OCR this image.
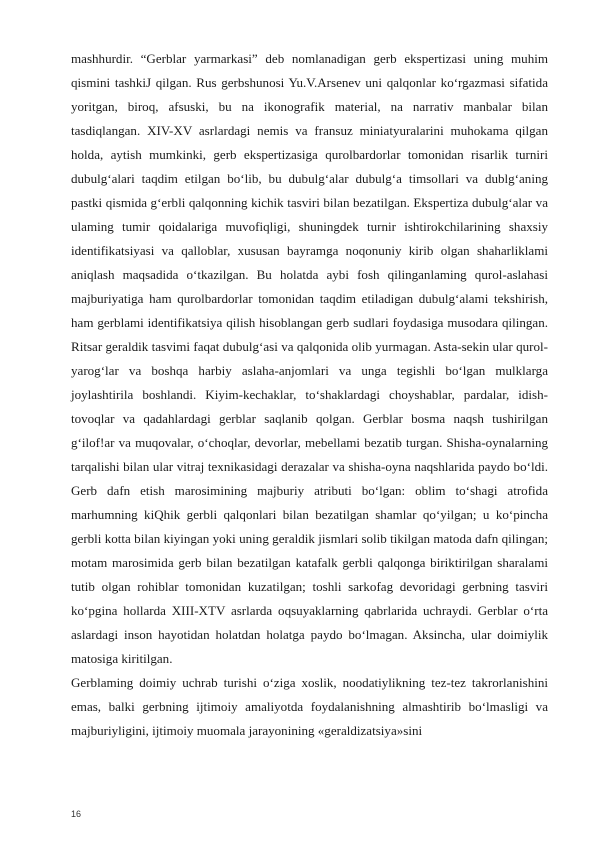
mashhurdir. “Gerblar yarmarkasi” deb nomlanadigan gerb ekspertizasi uning muhim qismini tashkiJ qilgan. Rus gerbshunosi Yu.V.Arsenev uni qalqonlar ko‘rgazmasi sifatida yoritgan, biroq, afsuski, bu na ikonografik material, na narrativ manbalar bilan tasdiqlangan. XIV-XV asrlardagi nemis va fransuz miniatyuralarini muhokama qilgan holda, aytish mumkinki, gerb ekspertizasiga qurolbardorlar tomonidan risarlik turniri dubulg‘alari taqdim etilgan bo‘lib, bu dubulg‘alar dubulg‘a timsollari va dublg‘aning pastki qismida g‘erbli qalqonning kichik tasviri bilan bezatilgan. Ekspertiza dubulg‘alar va ulaming tumir qoidalariga muvofiqligi, shuningdek turnir ishtirokchilarining shaxsiy identifikatsiyasi va qalloblar, xususan bayramga noqonuniy kirib olgan shaharliklami aniqlash maqsadida o‘tkazilgan. Bu holatda aybi fosh qilinganlaming qurol-aslahasi majburiyatiga ham qurolbardorlar tomonidan taqdim etiladigan dubulg‘alami tekshirish, ham gerblami identifikatsiya qilish hisoblangan gerb sudlari foydasiga musodara qilingan. Ritsar geraldik tasvimi faqat dubulg‘asi va qalqonida olib yurmagan. Asta-sekin ular qurol-yarog‘lar va boshqa harbiy aslaha-anjomlari va unga tegishli bo‘lgan mulklarga joylashtirila boshlandi. Kiyim-kechaklar, to‘shaklardagi choyshablar, pardalar, idish-tovoqlar va qadahlardagi gerblar saqlanib qolgan. Gerblar bosma naqsh tushirilgan g‘ilof!ar va muqovalar, o‘choqlar, devorlar, mebellami bezatib turgan. Shisha-oynalarning tarqalishi bilan ular vitraj texnikasidagi derazalar va shisha-oyna naqshlarida paydo bo‘ldi. Gerb dafn etish marosimining majburiy atributi bo‘lgan: oblim to‘shagi atrofida marhumning kiQhik gerbli qalqonlari bilan bezatilgan shamlar qo‘yilgan; u ko‘pincha gerbli kotta bilan kiyingan yoki uning geraldik jismlari solib tikilgan matoda dafn qilingan; motam marosimida gerb bilan bezatilgan katafalk gerbli qalqonga biriktirilgan sharalami tutib olgan rohiblar tomonidan kuzatilgan; toshli sarkofag devoridagi gerbning tasviri ko‘pgina hollarda XIII-XTV asrlarda oqsuyaklarning qabrlarida uchraydi. Gerblar o‘rta aslardagi inson hayotidan holatdan holatga paydo bo‘lmagan. Aksincha, ular doimiylik matosiga kiritilgan.

Gerblaming doimiy uchrab turishi o‘ziga xoslik, noodatiylikning tez-tez takrorlanishini emas, balki gerbning ijtimoiy amaliyotda foydalanishning almashtirib bo‘lmasligi va majburiyligini, ijtimoiy muomala jarayonining «geraldizatsiya»sini

16
